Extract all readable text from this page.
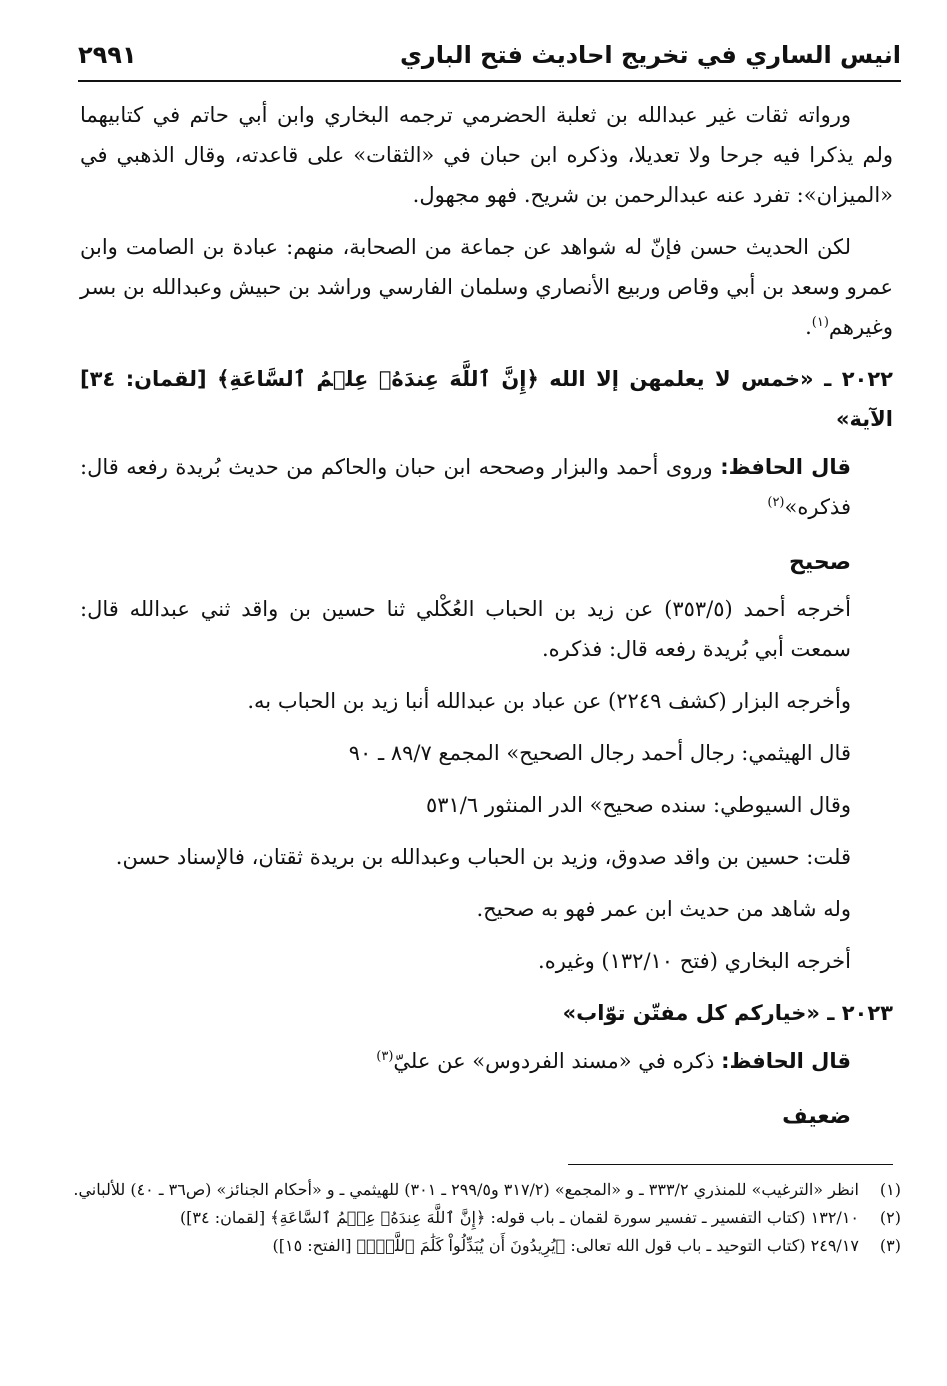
انيس الساري في تخريج احاديث فتح الباري
٢٩٩١

ورواته ثقات غير عبدالله بن ثعلبة الحضرمي ترجمه البخاري وابن أبي حاتم في كتابيهما ولم يذكرا فيه جرحا ولا تعديلا، وذكره ابن حبان في «الثقات» على قاعدته، وقال الذهبي في «الميزان»: تفرد عنه عبدالرحمن بن شريح. فهو مجهول.

لكن الحديث حسن فإنّ له شواهد عن جماعة من الصحابة، منهم: عبادة بن الصامت وابن عمرو وسعد بن أبي وقاص وربيع الأنصاري وسلمان الفارسي وراشد بن حبيش وعبدالله بن بسر وغيرهم$^{(١)}$.

٢٠٢٢ ـ «خمس لا يعلمهن إلا الله ﴿إِنَّ ٱللَّهَ عِندَهُۥ عِلۡمُ ٱلسَّاعَةِ﴾ [لقمان: ٣٤] الآية»

قال الحافظ: وروى أحمد والبزار وصححه ابن حبان والحاكم من حديث بُريدة رفعه قال: فذكره»$^{(٢)}$

صحيح

أخرجه أحمد (٣٥٣/٥) عن زيد بن الحباب العُكْلي ثنا حسين بن واقد ثني عبدالله قال: سمعت أبي بُريدة رفعه قال: فذكره.

وأخرجه البزار (كشف ٢٢٤٩) عن عباد بن عبدالله أنبا زيد بن الحباب به.

قال الهيثمي: رجال أحمد رجال الصحيح» المجمع ٨٩/٧ ـ ٩٠

وقال السيوطي: سنده صحيح» الدر المنثور ٥٣١/٦

قلت: حسين بن واقد صدوق، وزيد بن الحباب وعبدالله بن بريدة ثقتان، فالإسناد حسن.

وله شاهد من حديث ابن عمر فهو به صحيح.

أخرجه البخاري (فتح ١٣٢/١٠) وغيره.

٢٠٢٣ ـ «خياركم كل مفتّن توّاب»

قال الحافظ: ذكره في «مسند الفردوس» عن عليّ$^{(٣)}$

ضعيف

(١)
انظر «الترغيب» للمنذري ٣٣٣/٢ ـ و «المجمع» (٣١٧/٢ و٢٩٩/٥ ـ ٣٠١) للهيثمي ـ و «أحكام الجنائز» (ص٣٦ ـ ٤٠) للألباني.
(٢)
١٣٢/١٠ (كتاب التفسير ـ تفسير سورة لقمان ـ باب قوله: ﴿إِنَّ ٱللَّهَ عِندَهُۥ عِلۡمُ ٱلسَّاعَةِ﴾ [لقمان: ٣٤])
(٣)
٢٤٩/١٧ (كتاب التوحيد ـ باب قول الله تعالى: ﴿يُرِيدُونَ أَن يُبَدِّلُواْ كَلَٰمَ ٱللَّهِۚ﴾ [الفتح: ١٥])
